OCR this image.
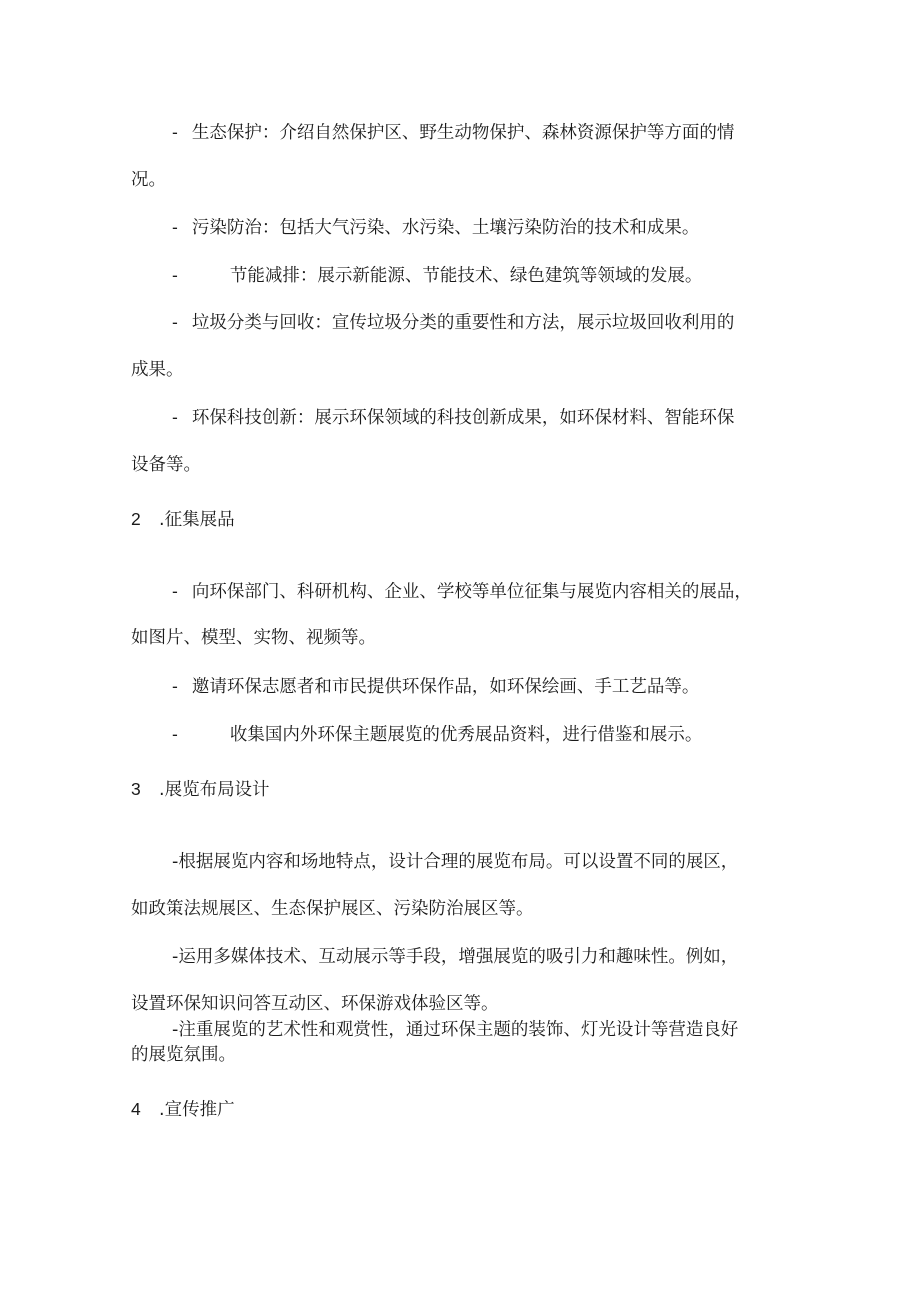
- 生态保护：介绍自然保护区、野生动物保护、森林资源保护等方面的情
况。
- 污染防治：包括大气污染、水污染、土壤污染防治的技术和成果。
-	节能减排：展示新能源、节能技术、绿色建筑等领域的发展。
- 垃圾分类与回收：宣传垃圾分类的重要性和方法，展示垃圾回收利用的
成果。
- 环保科技创新：展示环保领域的科技创新成果，如环保材料、智能环保
设备等。
2 .征集展品
- 向环保部门、科研机构、企业、学校等单位征集与展览内容相关的展品，
如图片、模型、实物、视频等。
- 邀请环保志愿者和市民提供环保作品，如环保绘画、手工艺品等。
-	收集国内外环保主题展览的优秀展品资料，进行借鉴和展示。
3 .展览布局设计
-根据展览内容和场地特点，设计合理的展览布局。可以设置不同的展区，
如政策法规展区、生态保护展区、污染防治展区等。
-运用多媒体技术、互动展示等手段，增强展览的吸引力和趣味性。例如，
设置环保知识问答互动区、环保游戏体验区等。
-注重展览的艺术性和观赏性，通过环保主题的装饰、灯光设计等营造良好
的展览氛围。
4 .宣传推广
